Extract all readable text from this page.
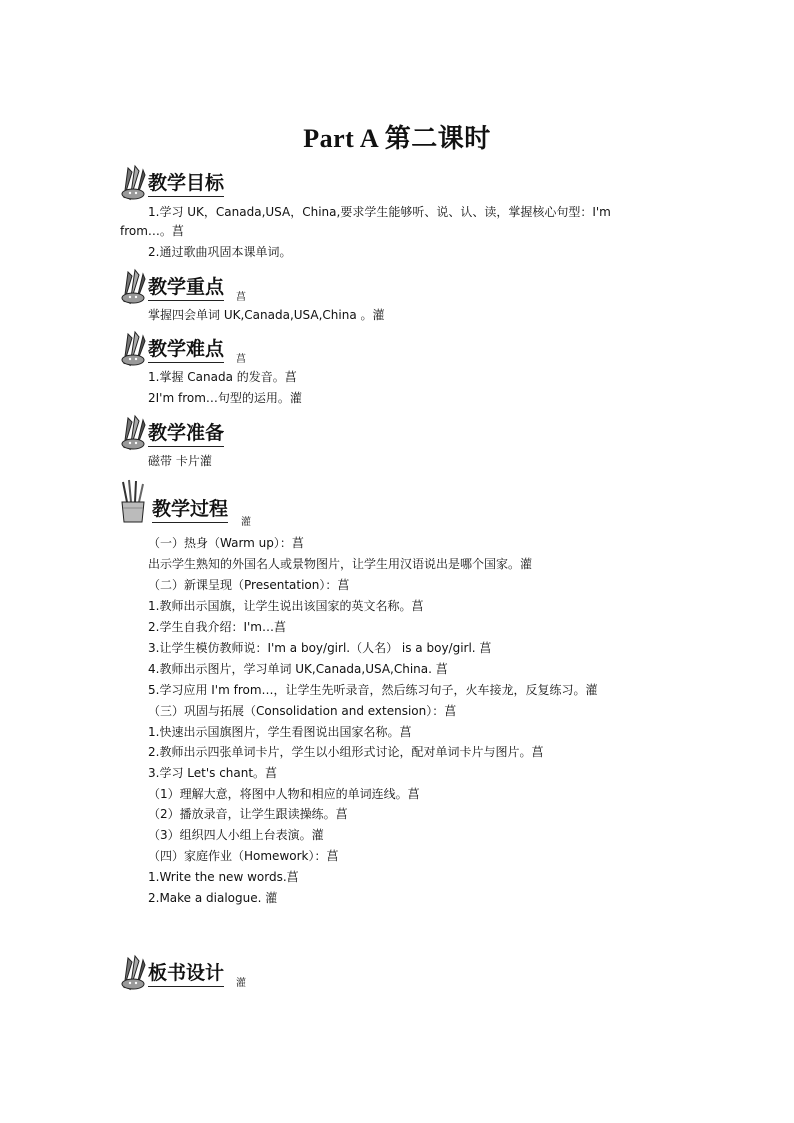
Part A 第二课时
教学目标
1.学习 UK，Canada,USA，China,要求学生能够听、说、认、读，掌握核心句型：I'm
from…。菖
2.通过歌曲巩固本课单词。
教学重点 菖
掌握四会单词 UK,Canada,USA,China 。灌
教学难点 菖
1.掌握 Canada 的发音。菖
2I'm from…句型的运用。灌
教学准备
磁带 卡片灌
教学过程
灌
（一）热身（Warm up）：菖
出示学生熟知的外国名人或景物图片，让学生用汉语说出是哪个国家。灌
（二）新课呈现（Presentation）：菖
1.教师出示国旗，让学生说出该国家的英文名称。菖
2.学生自我介绍：I'm…菖
3.让学生模仿教师说：I'm a boy/girl.（人名） is a boy/girl. 菖
4.教师出示图片，学习单词 UK,Canada,USA,China. 菖
5.学习应用 I'm from…，让学生先听录音，然后练习句子，火车接龙，反复练习。灌
（三）巩固与拓展（Consolidation and extension）：菖
1.快速出示国旗图片，学生看图说出国家名称。菖
2.教师出示四张单词卡片，学生以小组形式讨论，配对单词卡片与图片。菖
3.学习 Let's chant。菖
（1）理解大意，将图中人物和相应的单词连线。菖
（2）播放录音，让学生跟读操练。菖
（3）组织四人小组上台表演。灌
（四）家庭作业（Homework）：菖
1.Write the new words.菖
2.Make a dialogue. 灌
板书设计 灌
